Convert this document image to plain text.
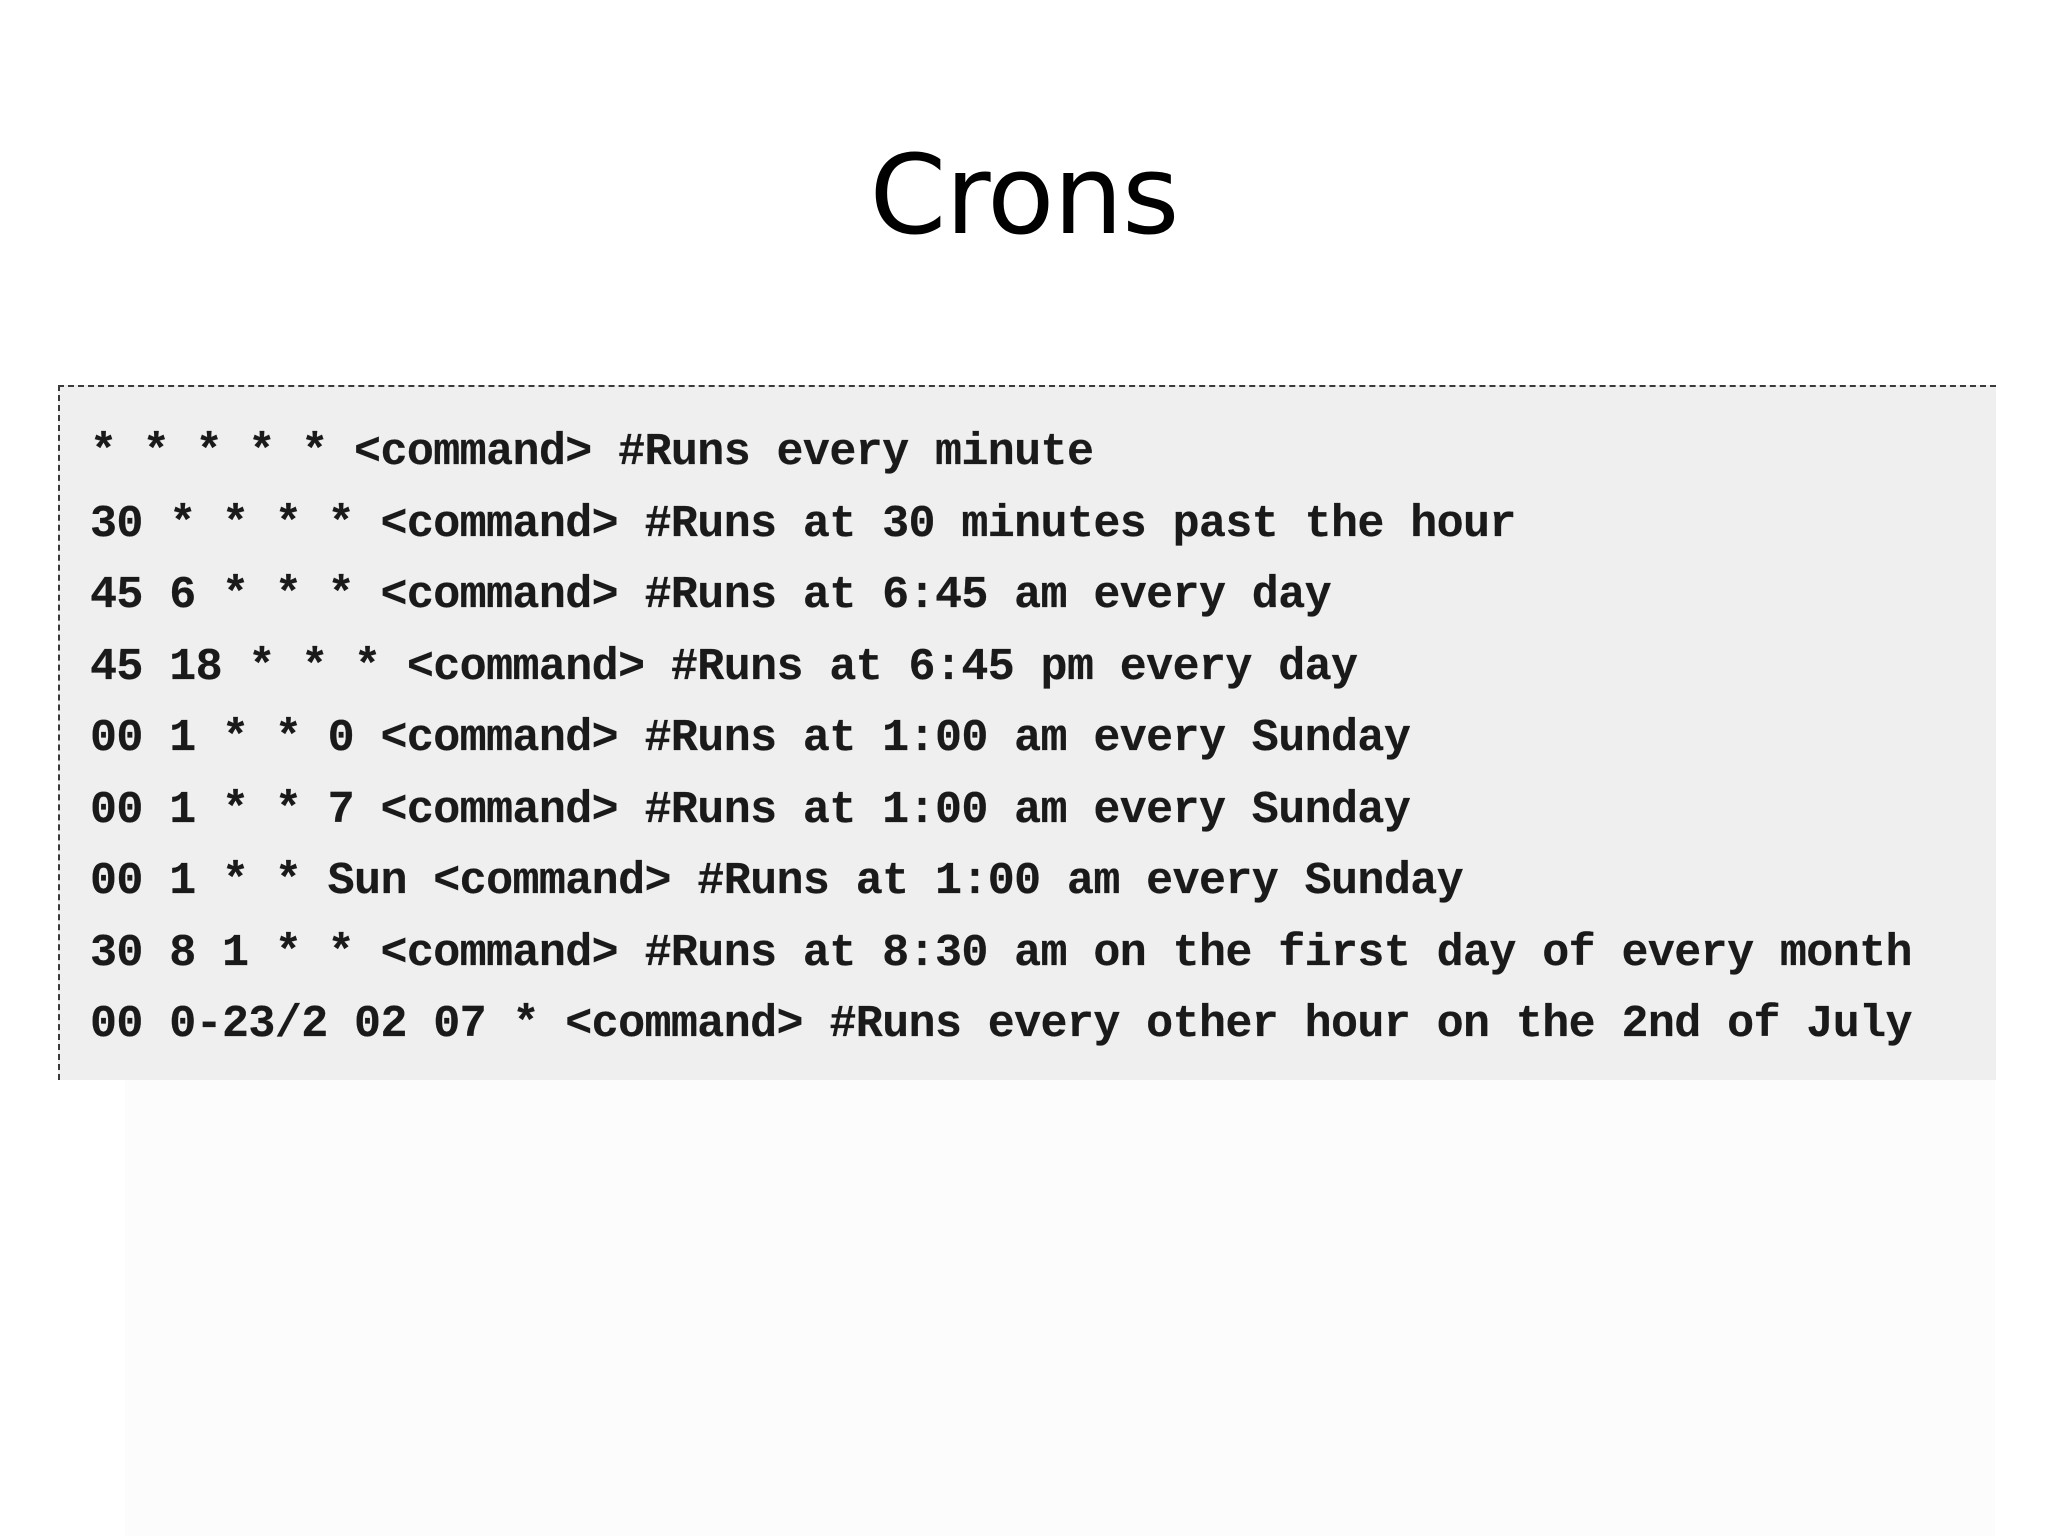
Crons
* * * * * <command> #Runs every minute
30 * * * * <command> #Runs at 30 minutes past the hour
45 6 * * * <command> #Runs at 6:45 am every day
45 18 * * * <command> #Runs at 6:45 pm every day
00 1 * * 0 <command> #Runs at 1:00 am every Sunday
00 1 * * 7 <command> #Runs at 1:00 am every Sunday
00 1 * * Sun <command> #Runs at 1:00 am every Sunday
30 8 1 * * <command> #Runs at 8:30 am on the first day of every month
00 0-23/2 02 07 * <command> #Runs every other hour on the 2nd of July
